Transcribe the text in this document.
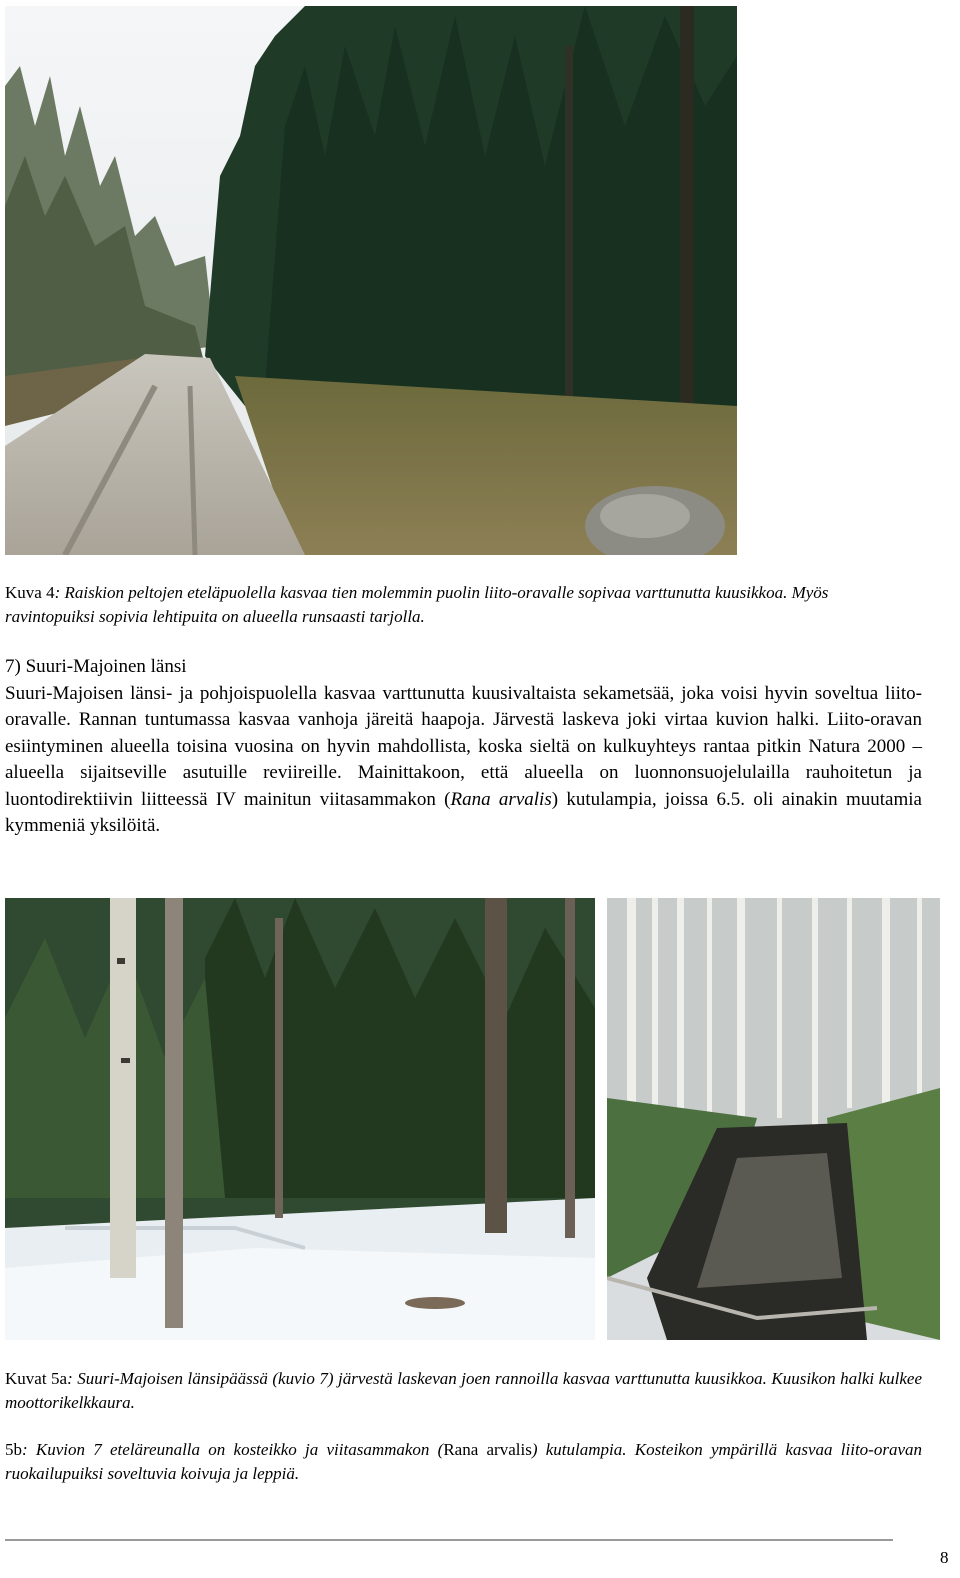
Kuva 4: Raiskion peltojen eteläpuolella kasvaa tien molemmin puolin liito-oravalle sopivaa varttunutta kuusikkoa. Myös ravintopuiksi sopivia lehtipuita on alueella runsaasti tarjolla.
7) Suuri-Majoinen länsi
Suuri-Majoisen länsi- ja pohjoispuolella kasvaa varttunutta kuusivaltaista sekametsää, joka voisi hyvin soveltua liito-oravalle. Rannan tuntumassa kasvaa vanhoja järeitä haapoja. Järvestä laskeva joki virtaa kuvion halki. Liito-oravan esiintyminen alueella toisina vuosina on hyvin mahdollista, koska sieltä on kulkuyhteys rantaa pitkin Natura 2000 –alueella sijaitseville asutuille reviireille. Mainittakoon, että alueella on luonnonsuojelulailla rauhoitetun ja luontodirektiivin liitteessä IV mainitun viitasammakon (Rana arvalis) kutulampia, joissa 6.5. oli ainakin muutamia kymmeniä yksilöitä.
Kuvat 5a: Suuri-Majoisen länsipäässä (kuvio 7) järvestä laskevan joen rannoilla kasvaa varttunutta kuusikkoa. Kuusikon halki kulkee moottorikelkkaura.
5b: Kuvion 7 eteläreunalla on kosteikko ja viitasammakon (Rana arvalis) kutulampia. Kosteikon ympärillä kasvaa liito-oravan ruokailupuiksi soveltuvia koivuja ja leppiä.
8
